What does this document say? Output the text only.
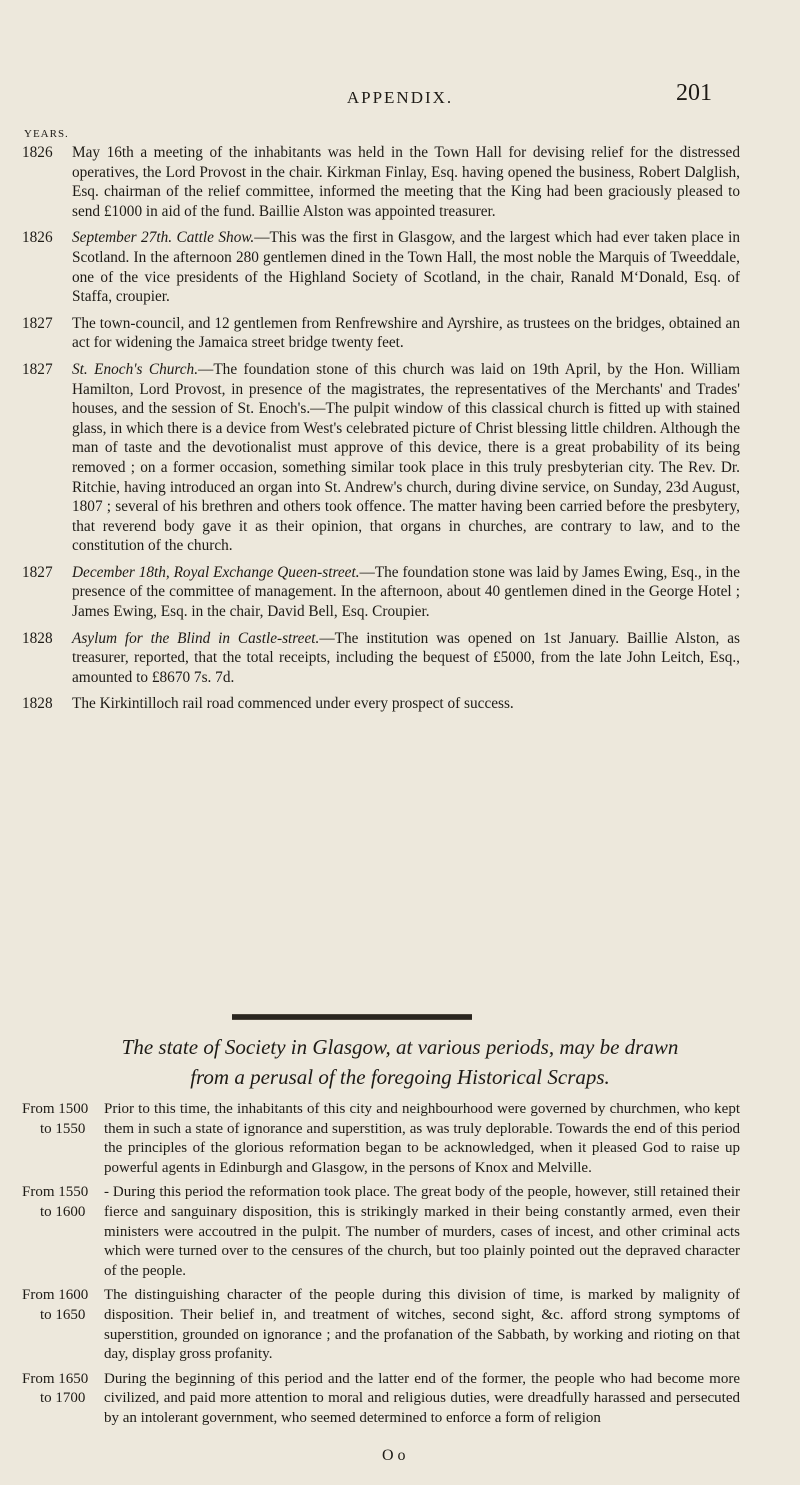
APPENDIX.	201
YEARS.
1826 May 16th a meeting of the inhabitants was held in the Town Hall for devising relief for the distressed operatives, the Lord Provost in the chair. Kirkman Finlay, Esq. having opened the business, Robert Dalglish, Esq. chairman of the relief committee, informed the meeting that the King had been graciously pleased to send £1000 in aid of the fund. Baillie Alston was appointed treasurer.
1826 September 27th. Cattle Show.—This was the first in Glasgow, and the largest which had ever taken place in Scotland. In the afternoon 280 gentlemen dined in the Town Hall, the most noble the Marquis of Tweeddale, one of the vice presidents of the Highland Society of Scotland, in the chair, Ranald M‘Donald, Esq. of Staffa, croupier.
1827 The town-council, and 12 gentlemen from Renfrewshire and Ayrshire, as trustees on the bridges, obtained an act for widening the Jamaica street bridge twenty feet.
1827 St. Enoch's Church.—The foundation stone of this church was laid on 19th April, by the Hon. William Hamilton, Lord Provost, in presence of the magistrates, the representatives of the Merchants' and Trades' houses, and the session of St. Enoch's.—The pulpit window of this classical church is fitted up with stained glass, in which there is a device from West's celebrated picture of Christ blessing little children. Although the man of taste and the devotionalist must approve of this device, there is a great probability of its being removed ; on a former occasion, something similar took place in this truly presbyterian city. The Rev. Dr. Ritchie, having introduced an organ into St. Andrew's church, during divine service, on Sunday, 23d August, 1807 ; several of his brethren and others took offence. The matter having been carried before the presbytery, that reverend body gave it as their opinion, that organs in churches, are contrary to law, and to the constitution of the church.
1827 December 18th, Royal Exchange Queen-street.—The foundation stone was laid by James Ewing, Esq., in the presence of the committee of management. In the afternoon, about 40 gentlemen dined in the George Hotel ; James Ewing, Esq. in the chair, David Bell, Esq. Croupier.
1828 Asylum for the Blind in Castle-street.—The institution was opened on 1st January. Baillie Alston, as treasurer, reported, that the total receipts, including the bequest of £5000, from the late John Leitch, Esq., amounted to £8670 7s. 7d.
1828 The Kirkintilloch rail road commenced under every prospect of success.
The state of Society in Glasgow, at various periods, may be drawn
from a perusal of the foregoing Historical Scraps.
From 1500
to 1550
Prior to this time, the inhabitants of this city and neighbourhood were governed by churchmen, who kept them in such a state of ignorance and superstition, as was truly deplorable. Towards the end of this period the principles of the glorious reformation began to be acknowledged, when it pleased God to raise up powerful agents in Edinburgh and Glasgow, in the persons of Knox and Melville.
From 1550
to 1600
- During this period the reformation took place. The great body of the people, however, still retained their fierce and sanguinary disposition, this is strikingly marked in their being constantly armed, even their ministers were accoutred in the pulpit. The number of murders, cases of incest, and other criminal acts which were turned over to the censures of the church, but too plainly pointed out the depraved character of the people.
From 1600
to 1650
The distinguishing character of the people during this division of time, is marked by malignity of disposition. Their belief in, and treatment of witches, second sight, &c. afford strong symptoms of superstition, grounded on ignorance ; and the profanation of the Sabbath, by working and rioting on that day, display gross profanity.
From 1650
to 1700
During the beginning of this period and the latter end of the former, the people who had become more civilized, and paid more attention to moral and religious duties, were dreadfully harassed and persecuted by an intolerant government, who seemed determined to enforce a form of religion
O o
